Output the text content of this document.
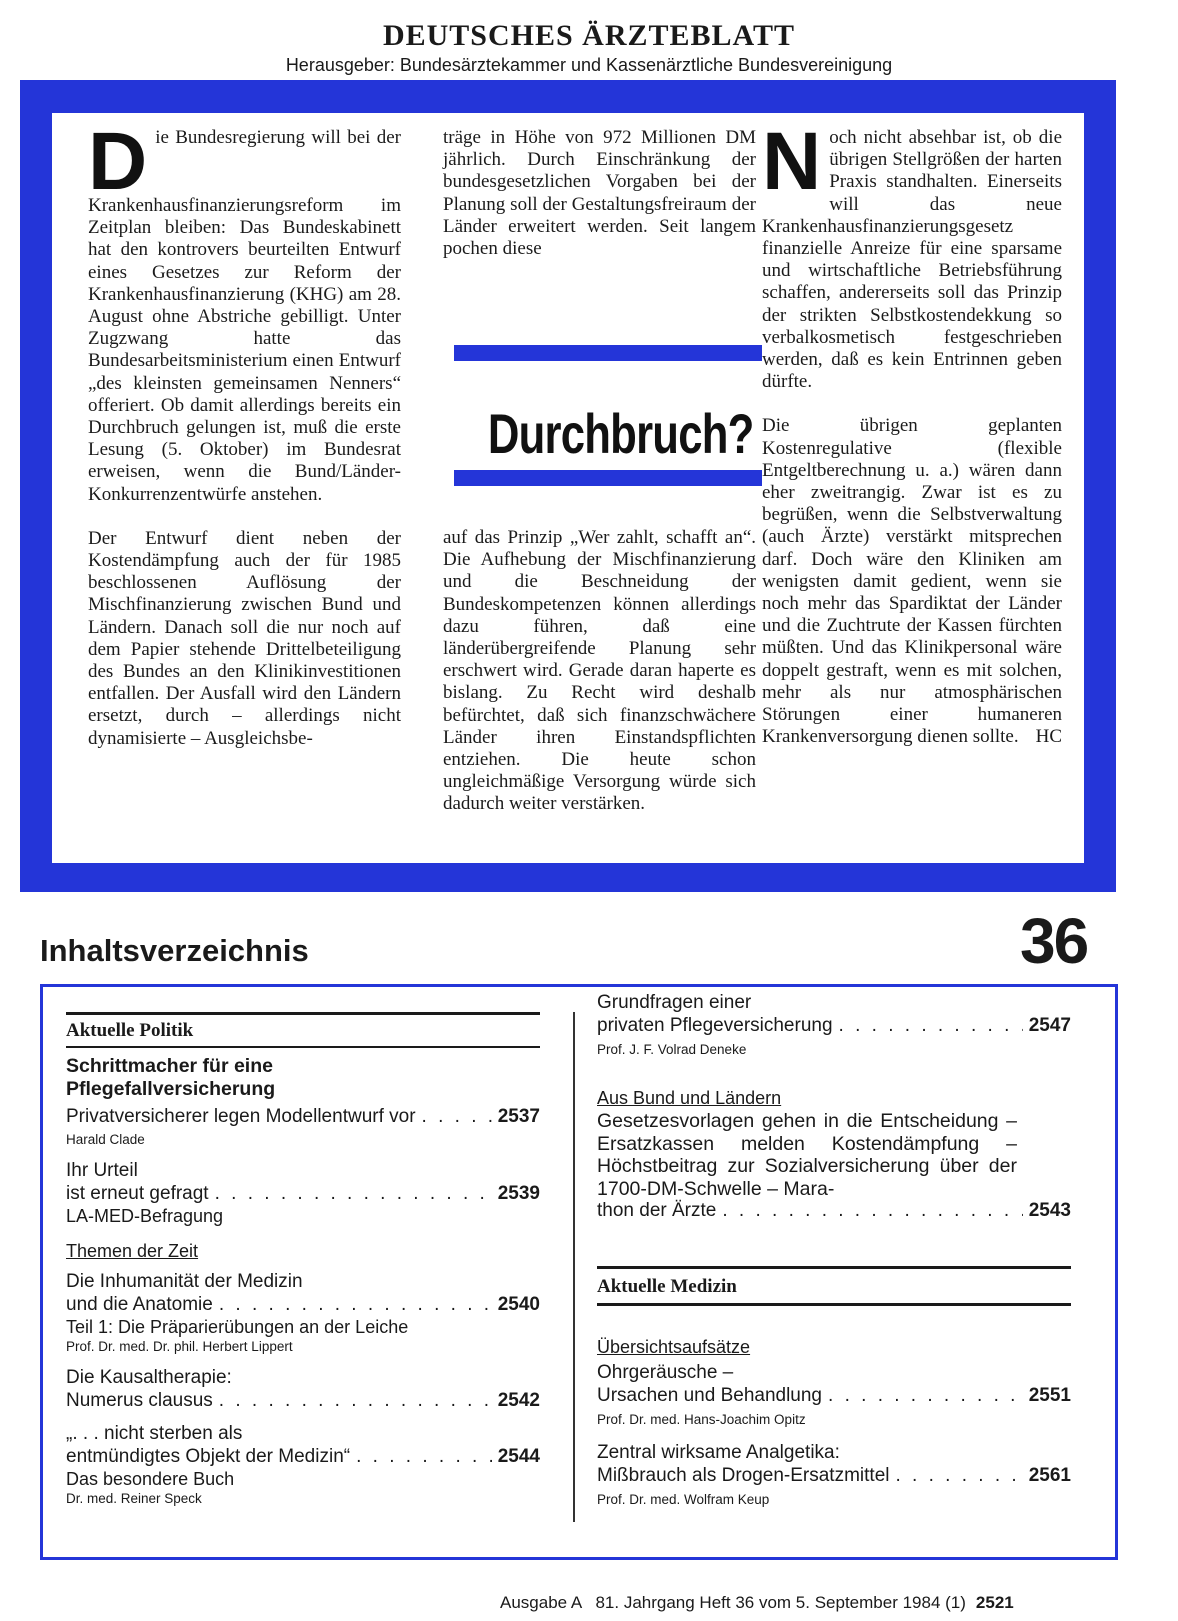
DEUTSCHES ÄRZTEBLATT
Herausgeber: Bundesärztekammer und Kassenärztliche Bundesvereinigung

Die Bundesregierung will bei der Krankenhausfinanzierungsreform im Zeitplan bleiben: Das Bundeskabinett hat den kontrovers beurteilten Entwurf eines Gesetzes zur Reform der Krankenhausfinanzierung (KHG) am 28. August ohne Abstriche gebilligt. Unter Zugzwang hatte das Bundesarbeitsministerium einen Entwurf „des kleinsten gemeinsamen Nenners“ offeriert. Ob damit allerdings bereits ein Durchbruch gelungen ist, muß die erste Lesung (5. Oktober) im Bundesrat erweisen, wenn die Bund/Länder-Konkurrenzentwürfe anstehen.

Der Entwurf dient neben der Kostendämpfung auch der für 1985 beschlossenen Auflösung der Mischfinanzierung zwischen Bund und Ländern. Danach soll die nur noch auf dem Papier stehende Drittelbeteiligung des Bundes an den Klinikinvestitionen entfallen. Der Ausfall wird den Ländern ersetzt, durch – allerdings nicht dynamisierte – Ausgleichsbe-

träge in Höhe von 972 Millionen DM jährlich. Durch Einschränkung der bundesgesetzlichen Vorgaben bei der Planung soll der Gestaltungsfreiraum der Länder erweitert werden. Seit langem pochen diese

Durchbruch?

auf das Prinzip „Wer zahlt, schafft an“. Die Aufhebung der Mischfinanzierung und die Beschneidung der Bundeskompetenzen können allerdings dazu führen, daß eine länderübergreifende Planung sehr erschwert wird. Gerade daran haperte es bislang. Zu Recht wird deshalb befürchtet, daß sich finanzschwächere Länder ihren Einstandspflichten entziehen. Die heute schon ungleichmäßige Versorgung würde sich dadurch weiter verstärken.

Noch nicht absehbar ist, ob die übrigen Stellgrößen der harten Praxis standhalten. Einerseits will das neue Krankenhausfinanzierungsgesetz finanzielle Anreize für eine sparsame und wirtschaftliche Betriebsführung schaffen, andererseits soll das Prinzip der strikten Selbstkostendekkung so verbalkosmetisch festgeschrieben werden, daß es kein Entrinnen geben dürfte.

Die übrigen geplanten Kostenregulative (flexible Entgeltberechnung u. a.) wären dann eher zweitrangig. Zwar ist es zu begrüßen, wenn die Selbstverwaltung (auch Ärzte) verstärkt mitsprechen darf. Doch wäre den Kliniken am wenigsten damit gedient, wenn sie noch mehr das Spardiktat der Länder und die Zuchtrute der Kassen fürchten müßten. Und das Klinikpersonal wäre doppelt gestraft, wenn es mit solchen, mehr als nur atmosphärischen Störungen einer humaneren Krankenversorgung dienen sollte. HC

Inhaltsverzeichnis	36
Aktuelle Politik
Schrittmacher für eine
Pflegefallversicherung
Privatversicherer legen Modellentwurf vor . . .	2537
Harald Clade
Ihr Urteil
ist erneut gefragt . . .	2539
LA-MED-Befragung
Themen der Zeit
Die Inhumanität der Medizin
und die Anatomie . . .	2540
Teil 1: Die Präparierübungen an der Leiche
Prof. Dr. med. Dr. phil. Herbert Lippert
Die Kausaltherapie:
Numerus clausus . . .	2542
„. . . nicht sterben als
entmündigtes Objekt der Medizin“ . . .	2544
Das besondere Buch
Dr. med. Reiner Speck
Grundfragen einer
privaten Pflegeversicherung . . .	2547
Prof. J. F. Volrad Deneke
Aus Bund und Ländern
Gesetzesvorlagen gehen in die Entscheidung – Ersatzkassen melden Kostendämpfung – Höchstbeitrag zur Sozialversicherung über der 1700-DM-Schwelle – Mara-
thon der Ärzte . . .	2543
Aktuelle Medizin
Übersichtsaufsätze
Ohrgeräusche –
Ursachen und Behandlung . . .	2551
Prof. Dr. med. Hans-Joachim Opitz
Zentral wirksame Analgetika:
Mißbrauch als Drogen-Ersatzmittel . . .	2561
Prof. Dr. med. Wolfram Keup
Ausgabe A   81. Jahrgang Heft 36 vom 5. September 1984 (1) 2521
